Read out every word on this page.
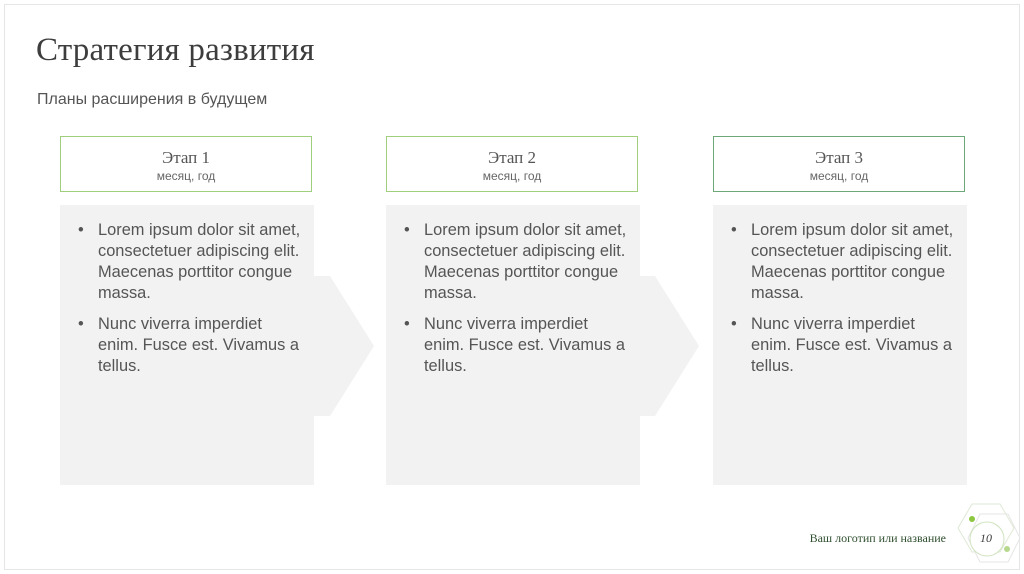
Стратегия развития
Планы расширения в будущем
Этап 1
месяц, год
Этап 2
месяц, год
Этап 3
месяц, год
• Lorem ipsum dolor sit amet, consectetuer adipiscing elit. Maecenas porttitor congue massa.
• Nunc viverra imperdiet enim. Fusce est. Vivamus a tellus.
• Lorem ipsum dolor sit amet, consectetuer adipiscing elit. Maecenas porttitor congue massa.
• Nunc viverra imperdiet enim. Fusce est. Vivamus a tellus.
• Lorem ipsum dolor sit amet, consectetuer adipiscing elit. Maecenas porttitor congue massa.
• Nunc viverra imperdiet enim. Fusce est. Vivamus a tellus.
Ваш логотип или название	10
